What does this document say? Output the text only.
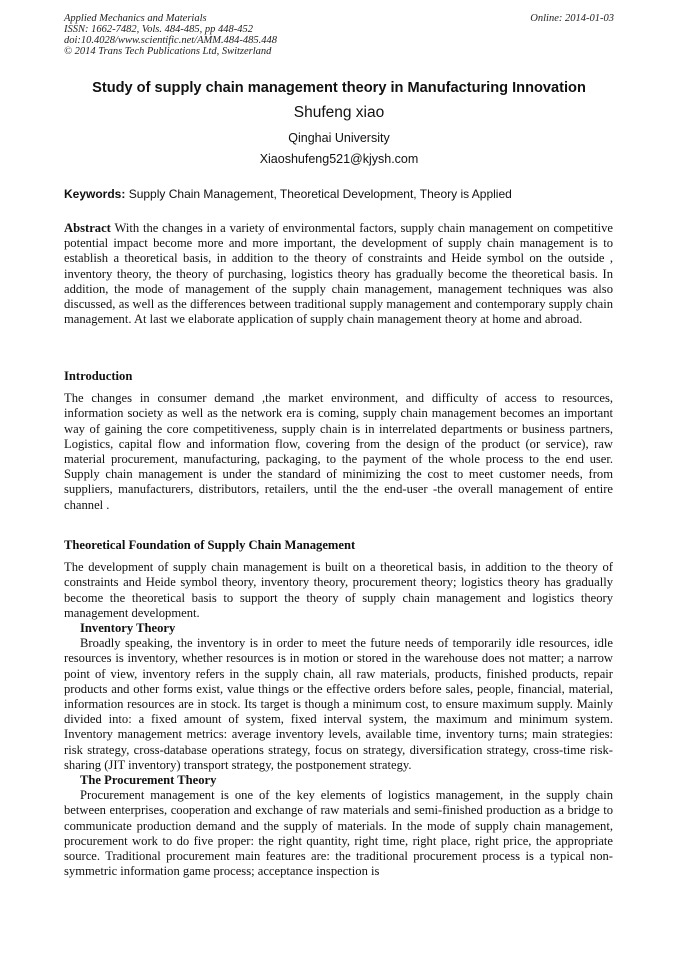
Applied Mechanics and Materials
ISSN: 1662-7482, Vols. 484-485, pp 448-452
doi:10.4028/www.scientific.net/AMM.484-485.448
© 2014 Trans Tech Publications Ltd, Switzerland
Online: 2014-01-03
Study of supply chain management theory in Manufacturing Innovation
Shufeng xiao
Qinghai University
Xiaoshufeng521@kjysh.com
Keywords: Supply Chain Management, Theoretical Development, Theory is Applied

Abstract With the changes in a variety of environmental factors, supply chain management on competitive potential impact become more and more important, the development of supply chain management is to establish a theoretical basis, in addition to the theory of constraints and Heide symbol on the outside , inventory theory, the theory of purchasing, logistics theory has gradually become the theoretical basis. In addition, the mode of management of the supply chain management, management techniques was also discussed, as well as the differences between traditional supply management and contemporary supply chain management. At last we elaborate application of supply chain management theory at home and abroad.

Introduction

The changes in consumer demand ,the market environment, and difficulty of access to resources, information society as well as the network era is coming, supply chain management becomes an important way of gaining the core competitiveness, supply chain is in interrelated departments or business partners, Logistics, capital flow and information flow, covering from the design of the product (or service), raw material procurement, manufacturing, packaging, to the payment of the whole process to the end user. Supply chain management is under the standard of minimizing the cost to meet customer needs, from suppliers, manufacturers, distributors, retailers, until the the end-user -the overall management of entire channel .

Theoretical Foundation of Supply Chain Management

The development of supply chain management is built on a theoretical basis, in addition to the theory of constraints and Heide symbol theory, inventory theory, procurement theory; logistics theory has gradually become the theoretical basis to support the theory of supply chain management and logistics theory management development.

Inventory Theory

Broadly speaking, the inventory is in order to meet the future needs of temporarily idle resources, idle resources is inventory, whether resources is in motion or stored in the warehouse does not matter; a narrow point of view, inventory refers in the supply chain, all raw materials, products, finished products, repair products and other forms exist, value things or the effective orders before sales, people, financial, material, information resources are in stock. Its target is though a minimum cost, to ensure maximum supply. Mainly divided into: a fixed amount of system, fixed interval system, the maximum and minimum system. Inventory management metrics: average inventory levels, available time, inventory turns; main strategies: risk strategy, cross-database operations strategy, focus on strategy, diversification strategy, cross-time risk-sharing (JIT inventory) transport strategy, the postponement strategy.

The Procurement Theory

Procurement management is one of the key elements of logistics management, in the supply chain between enterprises, cooperation and exchange of raw materials and semi-finished production as a bridge to communicate production demand and the supply of materials. In the mode of supply chain management, procurement work to do five proper: the right quantity, right time, right place, right price, the appropriate source. Traditional procurement main features are: the traditional procurement process is a typical non-symmetric information game process; acceptance inspection is
